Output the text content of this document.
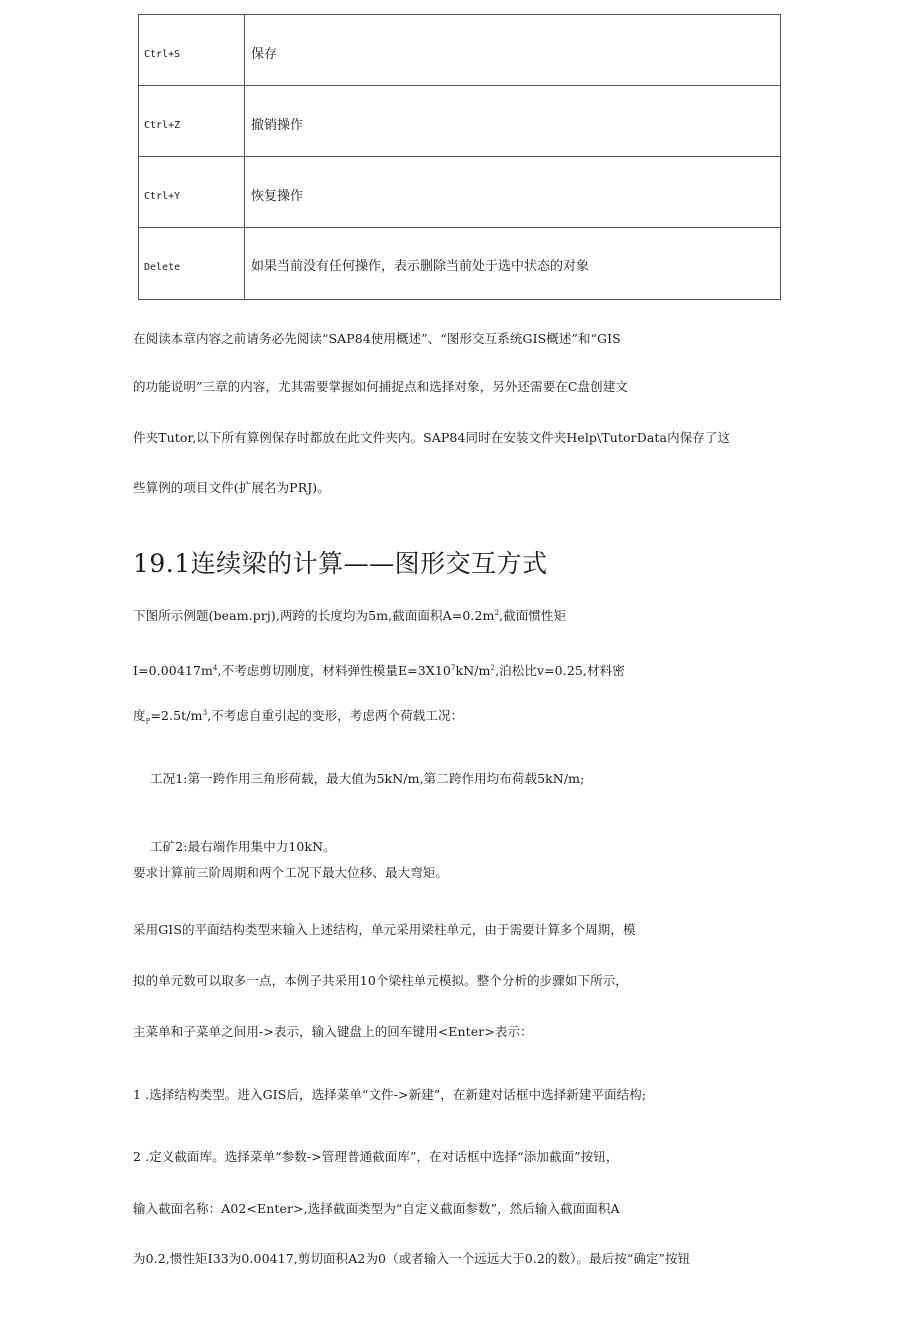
Ctrl+S	保存
Ctrl+Z	撤销操作
Ctrl+Y	恢复操作
Delete	如果当前没有任何操作，表示删除当前处于选中状态的对象
在阅读本章内容之前请务必先阅读“SAP84使用概述”、“图形交互系统GIS概述”和“GIS
的功能说明”三章的内容，尤其需要掌握如何捕捉点和选择对象，另外还需要在C盘创建文
件夹Tutor,以下所有算例保存时都放在此文件夹内。SAP84同时在安装文件夹Help\TutorData内保存了这
些算例的项目文件(扩展名为PRJ)。
19.1连续梁的计算——图形交互方式
下图所示例题(beam.prj),两跨的长度均为5m,截面面积$A=0.2m^2$,截面惯性矩
$I=0.00417m^4$,不考虑剪切刚度，材料弹性模量$E=3X10^7kN/m^2$,泊松比v=0.25,材料密
度$_P=2.5t/m^3$,不考虑自重引起的变形，考虑两个荷载工况：
工况1:第一跨作用三角形荷载，最大值为5kN/m,第二跨作用均布荷载5kN/m;
工矿2:最右端作用集中力10kN。
要求计算前三阶周期和两个工况下最大位移、最大弯矩。
采用GIS的平面结构类型来输入上述结构，单元采用梁柱单元，由于需要计算多个周期，模
拟的单元数可以取多一点，本例子共采用10个梁柱单元模拟。整个分析的步骤如下所示，
主菜单和子菜单之间用->表示，输入键盘上的回车键用<Enter>表示：
1 .选择结构类型。进入GIS后，选择菜单“文件->新建”，在新建对话框中选择新建平面结构;
2 .定义截面库。选择菜单“参数->管理普通截面库”，在对话框中选择“添加截面”按钮，
输入截面名称：A02<Enter>,选择截面类型为“自定义截面参数”，然后输入截面面积A
为0.2,惯性矩I33为0.00417,剪切面积A2为0（或者输入一个远远大于0.2的数）。最后按“确定”按钮
